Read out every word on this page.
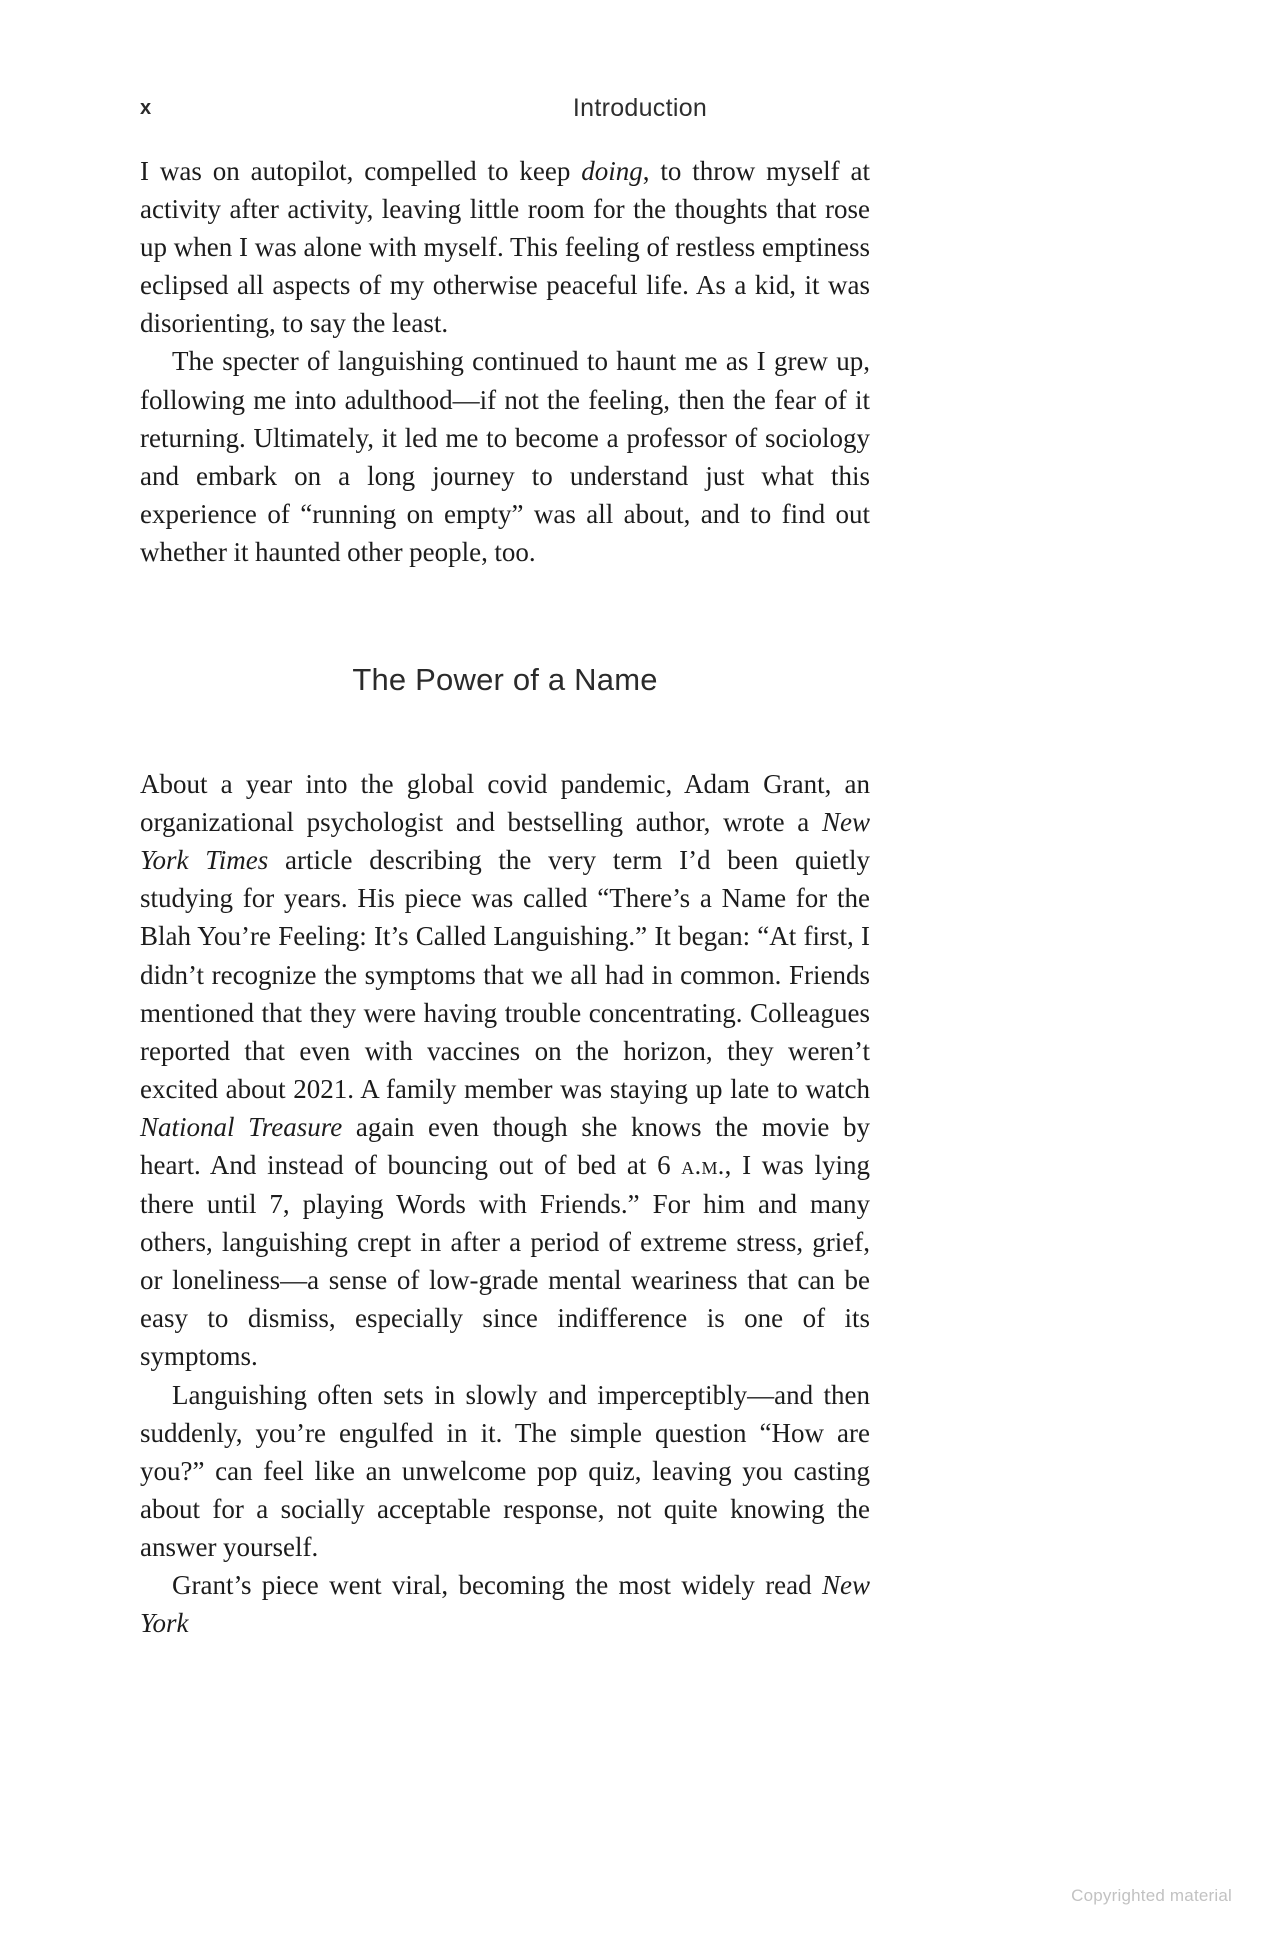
x	Introduction

I was on autopilot, compelled to keep doing, to throw myself at activity after activity, leaving little room for the thoughts that rose up when I was alone with myself. This feeling of restless emptiness eclipsed all aspects of my otherwise peaceful life. As a kid, it was disorienting, to say the least.

The specter of languishing continued to haunt me as I grew up, following me into adulthood—if not the feeling, then the fear of it returning. Ultimately, it led me to become a professor of sociology and embark on a long journey to understand just what this experience of “running on empty” was all about, and to find out whether it haunted other people, too.

The Power of a Name

About a year into the global covid pandemic, Adam Grant, an organizational psychologist and bestselling author, wrote a New York Times article describing the very term I’d been quietly studying for years. His piece was called “There’s a Name for the Blah You’re Feeling: It’s Called Languishing.” It began: “At first, I didn’t recognize the symptoms that we all had in common. Friends mentioned that they were having trouble concentrating. Colleagues reported that even with vaccines on the horizon, they weren’t excited about 2021. A family member was staying up late to watch National Treasure again even though she knows the movie by heart. And instead of bouncing out of bed at 6 a.m., I was lying there until 7, playing Words with Friends.” For him and many others, languishing crept in after a period of extreme stress, grief, or loneliness—a sense of low-grade mental weariness that can be easy to dismiss, especially since indifference is one of its symptoms.

Languishing often sets in slowly and imperceptibly—and then suddenly, you’re engulfed in it. The simple question “How are you?” can feel like an unwelcome pop quiz, leaving you casting about for a socially acceptable response, not quite knowing the answer yourself.

Grant’s piece went viral, becoming the most widely read New York

Copyrighted material
